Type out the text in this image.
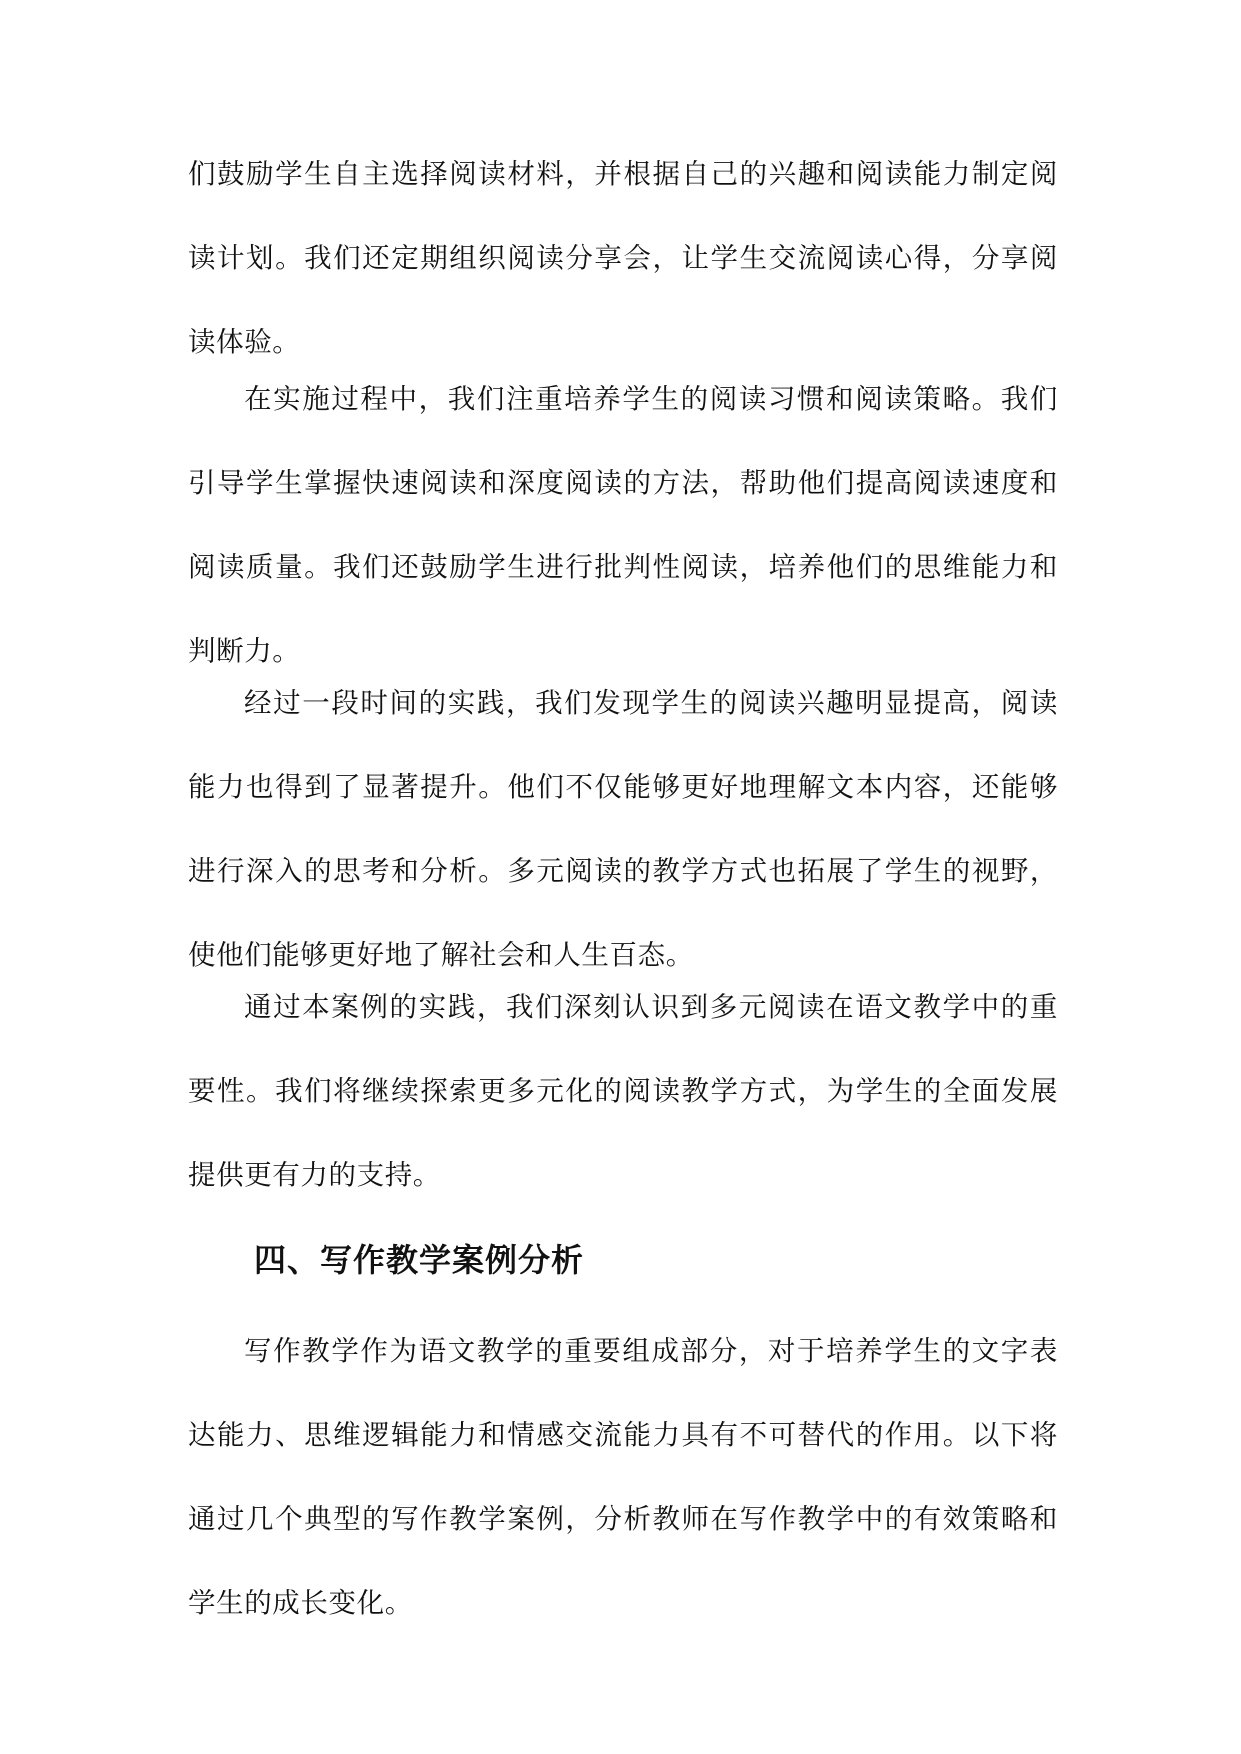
们鼓励学生自主选择阅读材料，并根据自己的兴趣和阅读能力制定阅读计划。我们还定期组织阅读分享会，让学生交流阅读心得，分享阅读体验。

在实施过程中，我们注重培养学生的阅读习惯和阅读策略。我们引导学生掌握快速阅读和深度阅读的方法，帮助他们提高阅读速度和阅读质量。我们还鼓励学生进行批判性阅读，培养他们的思维能力和判断力。

经过一段时间的实践，我们发现学生的阅读兴趣明显提高，阅读能力也得到了显著提升。他们不仅能够更好地理解文本内容，还能够进行深入的思考和分析。多元阅读的教学方式也拓展了学生的视野，使他们能够更好地了解社会和人生百态。

通过本案例的实践，我们深刻认识到多元阅读在语文教学中的重要性。我们将继续探索更多元化的阅读教学方式，为学生的全面发展提供更有力的支持。

四、写作教学案例分析

写作教学作为语文教学的重要组成部分，对于培养学生的文字表达能力、思维逻辑能力和情感交流能力具有不可替代的作用。以下将通过几个典型的写作教学案例，分析教师在写作教学中的有效策略和学生的成长变化。
